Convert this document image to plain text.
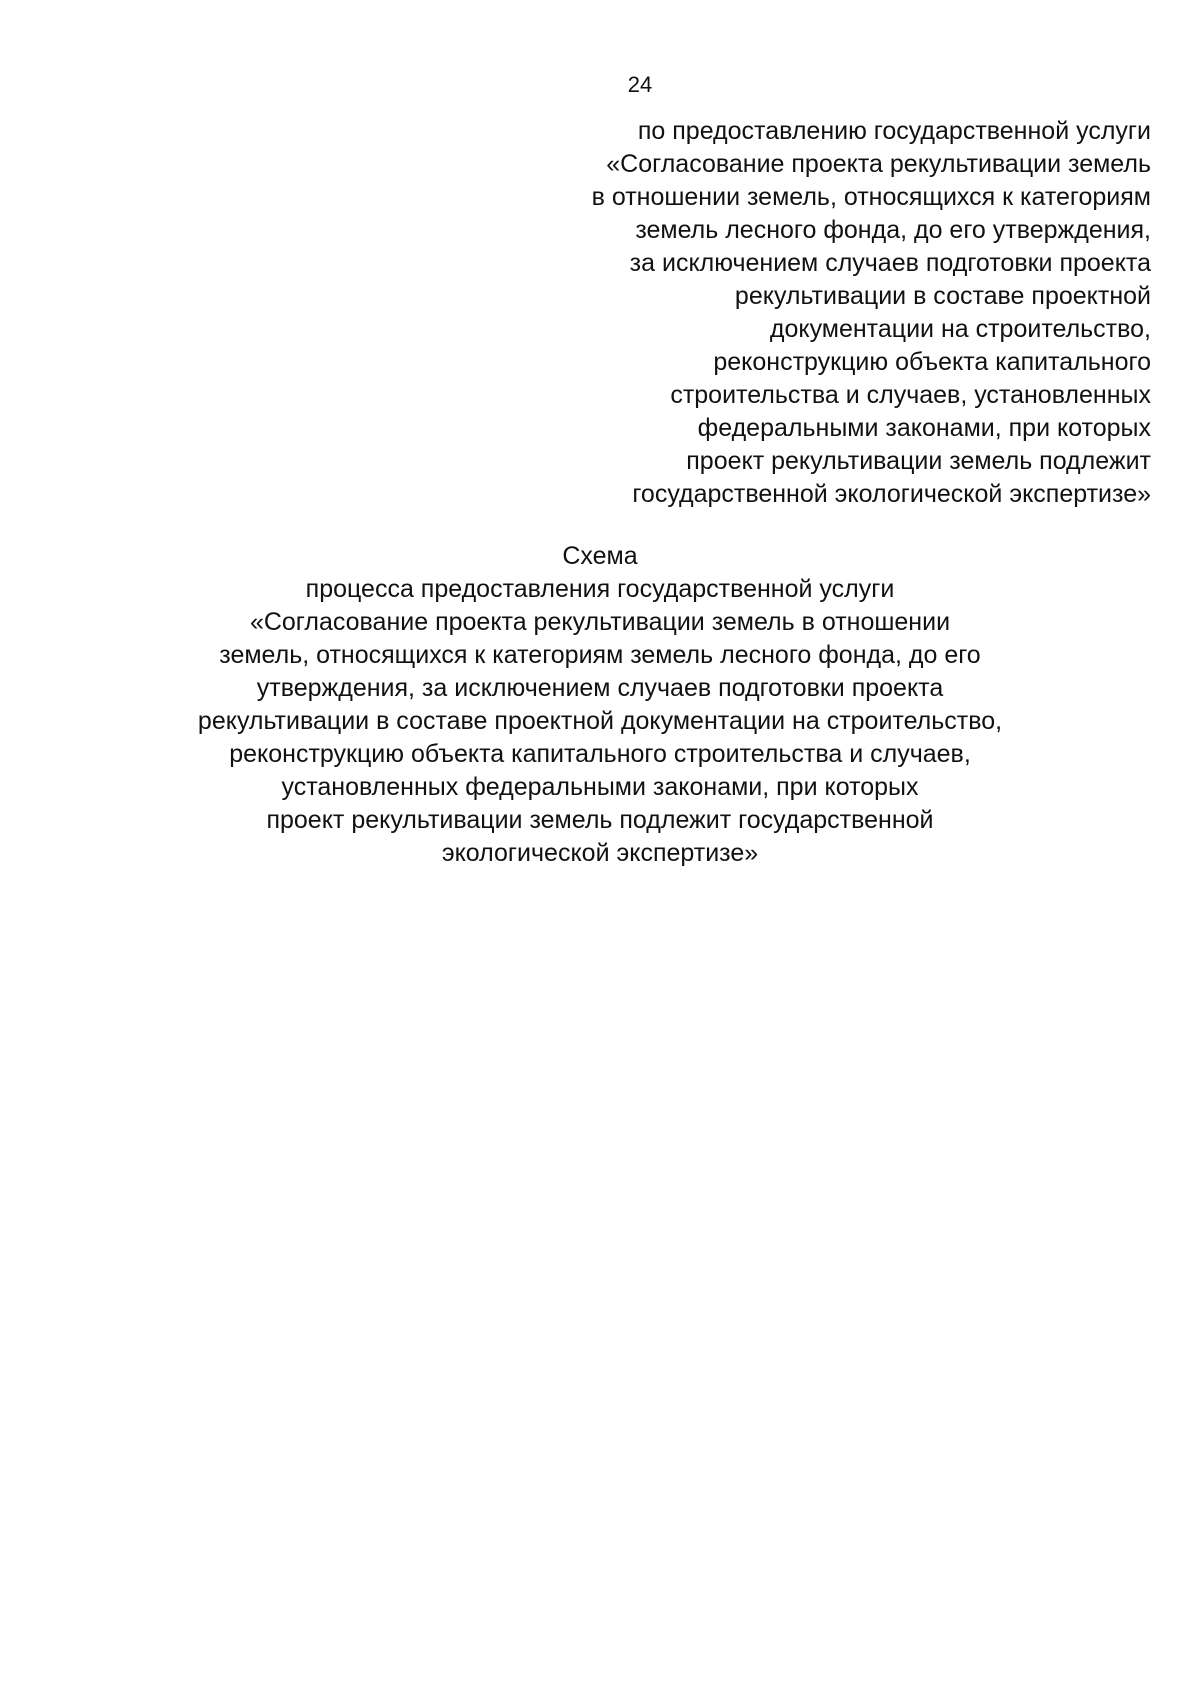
24
по предоставлению государственной услуги
«Согласование проекта рекультивации земель
в отношении земель, относящихся к категориям
земель лесного фонда, до его утверждения,
за исключением случаев подготовки проекта
рекультивации в составе проектной
документации на строительство,
реконструкцию объекта капитального
строительства и случаев, установленных
федеральными законами, при которых
проект рекультивации земель подлежит
государственной экологической экспертизе»
Схема
процесса предоставления государственной услуги
«Согласование проекта рекультивации земель в отношении
земель, относящихся к категориям земель лесного фонда, до его
утверждения, за исключением случаев подготовки проекта
рекультивации в составе проектной документации на строительство,
реконструкцию объекта капитального строительства и случаев,
установленных федеральными законами, при которых
проект рекультивации земель подлежит государственной
экологической экспертизе»
